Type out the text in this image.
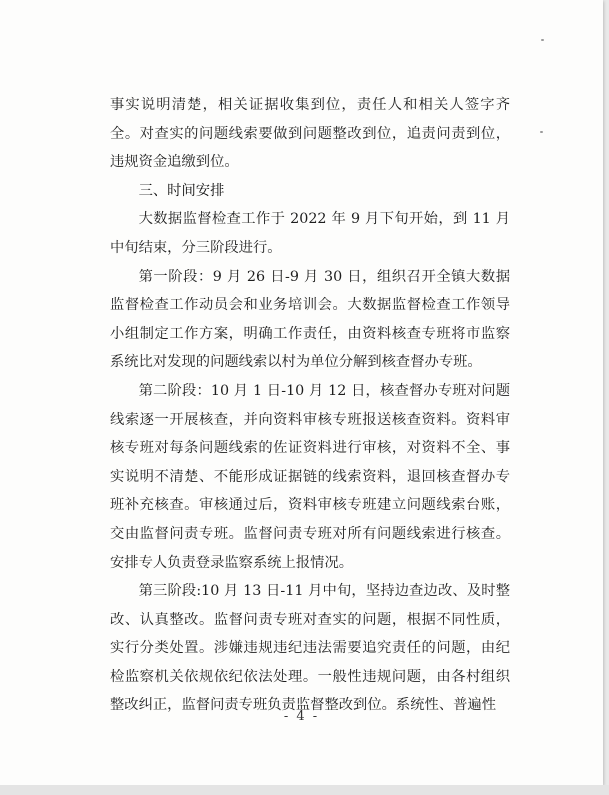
事实说明清楚，相关证据收集到位，责任人和相关人签字齐全。对查实的问题线索要做到问题整改到位，追责问责到位，违规资金追缴到位。

三、时间安排

大数据监督检查工作于 2022 年 9 月下旬开始，到 11 月中旬结束，分三阶段进行。

第一阶段：9 月 26 日-9 月 30 日，组织召开全镇大数据监督检查工作动员会和业务培训会。大数据监督检查工作领导小组制定工作方案，明确工作责任，由资料核查专班将市监察系统比对发现的问题线索以村为单位分解到核查督办专班。

第二阶段：10 月 1 日-10 月 12 日，核查督办专班对问题线索逐一开展核查，并向资料审核专班报送核查资料。资料审核专班对每条问题线索的佐证资料进行审核，对资料不全、事实说明不清楚、不能形成证据链的线索资料，退回核查督办专班补充核查。审核通过后，资料审核专班建立问题线索台账，交由监督问责专班。监督问责专班对所有问题线索进行核查。安排专人负责登录监察系统上报情况。

第三阶段:10 月 13 日-11 月中旬，坚持边查边改、及时整改、认真整改。监督问责专班对查实的问题，根据不同性质，实行分类处置。涉嫌违规违纪违法需要追究责任的问题，由纪检监察机关依规依纪依法处理。一般性违规问题，由各村组织整改纠正，监督问责专班负责监督整改到位。系统性、普遍性

- 4 -
